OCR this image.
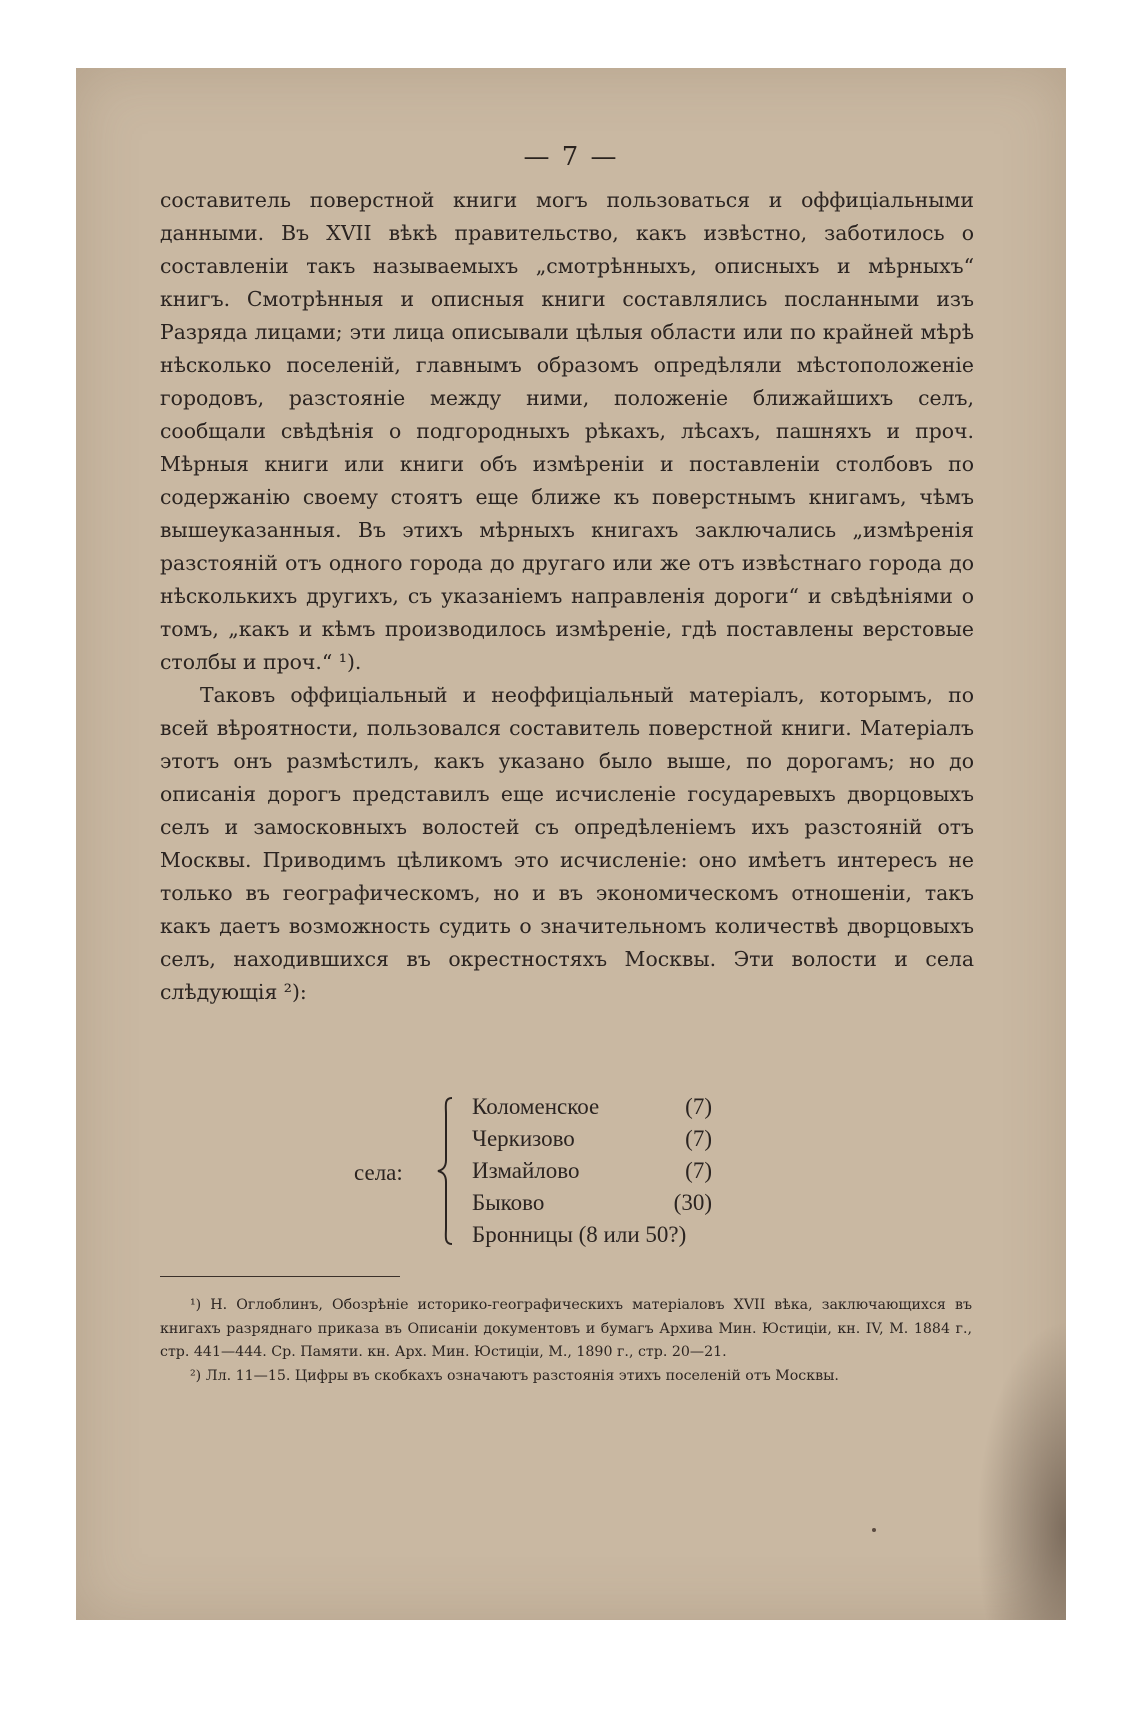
— 7 —

составитель поверстной книги могъ пользоваться и оффиціальными данными. Въ XVII вѣкѣ правительство, какъ извѣстно, заботилось о составленіи такъ называемыхъ „смотрѣнныхъ, описныхъ и мѣрныхъ“ книгъ. Смотрѣнныя и описныя книги составлялись посланными изъ Разряда лицами; эти лица описывали цѣлыя области или по крайней мѣрѣ нѣсколько поселеній, главнымъ образомъ опредѣляли мѣстоположеніе городовъ, разстояніе между ними, положеніе ближайшихъ селъ, сообщали свѣдѣнія о подгородныхъ рѣкахъ, лѣсахъ, пашняхъ и проч. Мѣрныя книги или книги объ измѣреніи и поставленіи столбовъ по содержанію своему стоятъ еще ближе къ поверстнымъ книгамъ, чѣмъ вышеуказанныя. Въ этихъ мѣрныхъ книгахъ заключались „измѣренія разстояній отъ одного города до другаго или же отъ извѣстнаго города до нѣсколькихъ другихъ, съ указаніемъ направленія дороги“ и свѣдѣніями о томъ, „какъ и кѣмъ производилось измѣреніе, гдѣ поставлены верстовые столбы и проч.“ ¹).

Таковъ оффиціальный и неоффиціальный матеріалъ, которымъ, по всей вѣроятности, пользовался составитель поверстной книги. Матеріалъ этотъ онъ размѣстилъ, какъ указано было выше, по дорогамъ; но до описанія дорогъ представилъ еще исчисленіе государевыхъ дворцовыхъ селъ и замосковныхъ волостей съ опредѣленіемъ ихъ разстояній отъ Москвы. Приводимъ цѣликомъ это исчисленіе: оно имѣетъ интересъ не только въ географическомъ, но и въ экономическомъ отношеніи, такъ какъ даетъ возможность судить о значительномъ количествѣ дворцовыхъ селъ, находившихся въ окрестностяхъ Москвы. Эти волости и села слѣдующія ²):

села:
Коломенское	(7)
Черкизово	(7)
Измайлово	(7)
Быково	(30)
Бронницы (8 или 50?)

¹) Н. Оглоблинъ, Обозрѣніе историко-географическихъ матеріаловъ XVII вѣка, заключающихся въ книгахъ разряднаго приказа въ Описаніи документовъ и бумагъ Архива Мин. Юстиціи, кн. IV, М. 1884 г., стр. 441—444. Ср. Памяти. кн. Арх. Мин. Юстиціи, М., 1890 г., стр. 20—21.

²) Лл. 11—15. Цифры въ скобкахъ означаютъ разстоянія этихъ поселеній отъ Москвы.
